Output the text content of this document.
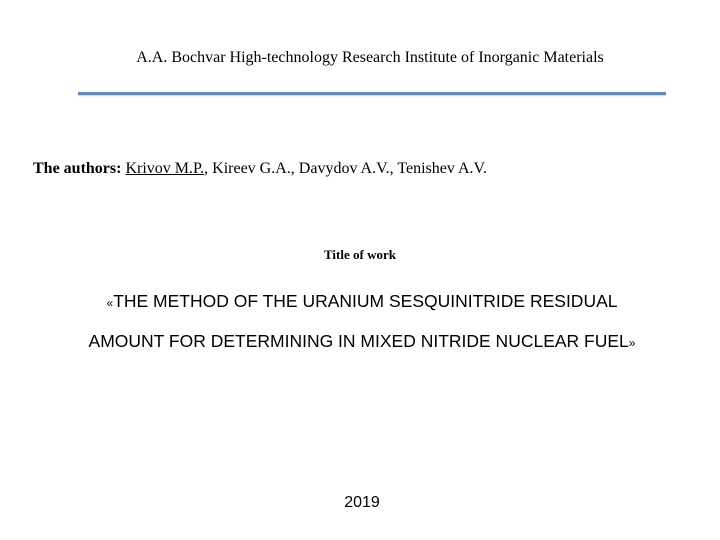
A.A. Bochvar High-technology Research Institute of Inorganic Materials
The authors: Krivov M.P., Kireev G.A., Davydov A.V., Tenishev A.V.
Title of work
«THE METHOD OF THE URANIUM SESQUINITRIDE RESIDUAL
AMOUNT FOR DETERMINING IN MIXED NITRIDE NUCLEAR FUEL»
2019
